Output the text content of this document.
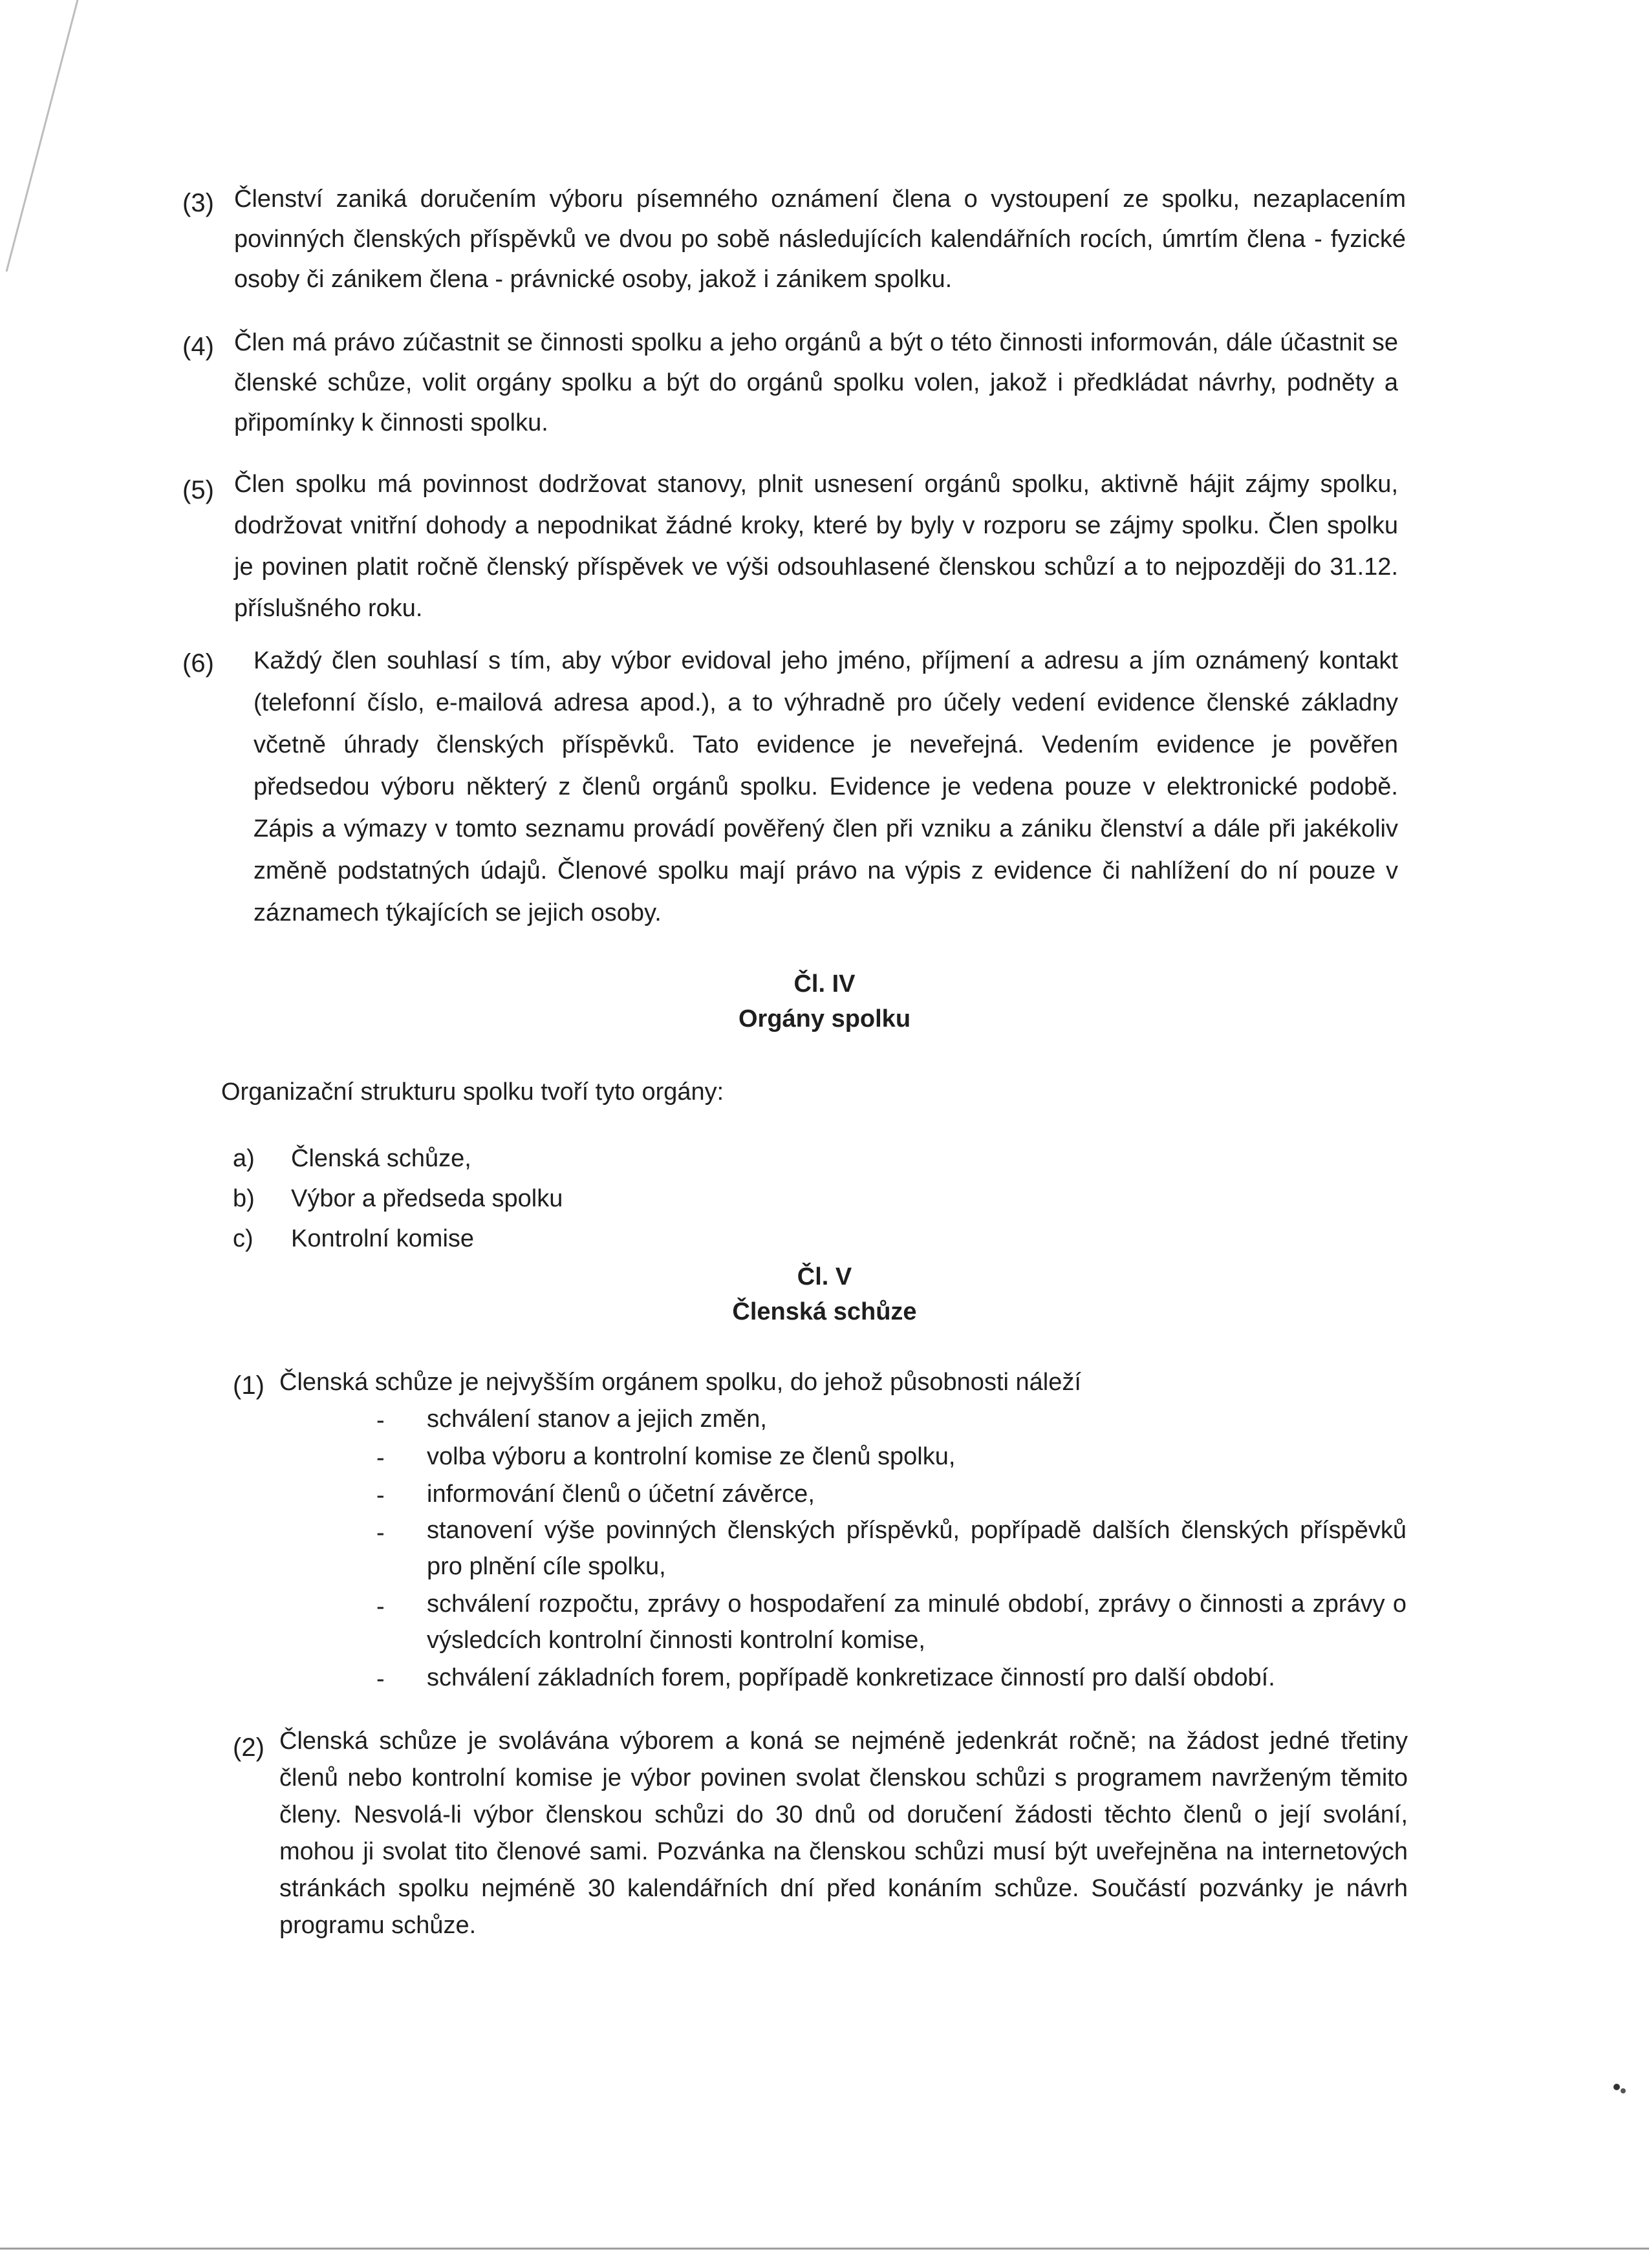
(3) Členství zaniká doručením výboru písemného oznámení člena o vystoupení ze spolku, nezaplacením povinných členských příspěvků ve dvou po sobě následujících kalendářních rocích, úmrtím člena - fyzické osoby či zánikem člena - právnické osoby, jakož i zánikem spolku.
(4) Člen má právo zúčastnit se činnosti spolku a jeho orgánů a být o této činnosti informován, dále účastnit se členské schůze, volit orgány spolku a být do orgánů spolku volen, jakož i předkládat návrhy, podněty a připomínky k činnosti spolku.
(5) Člen spolku má povinnost dodržovat stanovy, plnit usnesení orgánů spolku, aktivně hájit zájmy spolku, dodržovat vnitřní dohody a nepodnikat žádné kroky, které by byly v rozporu se zájmy spolku. Člen spolku je povinen platit ročně členský příspěvek ve výši odsouhlasené členskou schůzí a to nejpozději do 31.12. příslušného roku.
(6) Každý člen souhlasí s tím, aby výbor evidoval jeho jméno, příjmení a adresu a jím oznámený kontakt (telefonní číslo, e-mailová adresa apod.), a to výhradně pro účely vedení evidence členské základny včetně úhrady členských příspěvků. Tato evidence je neveřejná. Vedením evidence je pověřen předsedou výboru některý z členů orgánů spolku. Evidence je vedena pouze v elektronické podobě. Zápis a výmazy v tomto seznamu provádí pověřený člen při vzniku a zániku členství a dále při jakékoliv změně podstatných údajů. Členové spolku mají právo na výpis z evidence či nahlížení do ní pouze v záznamech týkajících se jejich osoby.
Čl. IV
Orgány spolku
Organizační strukturu spolku tvoří tyto orgány:
a) Členská schůze,
b) Výbor a předseda spolku
c) Kontrolní komise
Čl. V
Členská schůze
(1) Členská schůze je nejvyšším orgánem spolku, do jehož působnosti náleží
- schválení stanov a jejich změn,
- volba výboru a kontrolní komise ze členů spolku,
- informování členů o účetní závěrce,
- stanovení výše povinných členských příspěvků, popřípadě dalších členských příspěvků pro plnění cíle spolku,
- schválení rozpočtu, zprávy o hospodaření za minulé období, zprávy o činnosti a zprávy o výsledcích kontrolní činnosti kontrolní komise,
- schválení základních forem, popřípadě konkretizace činností pro další období.
(2) Členská schůze je svolávána výborem a koná se nejméně jedenkrát ročně; na žádost jedné třetiny členů nebo kontrolní komise je výbor povinen svolat členskou schůzi s programem navrženým těmito členy. Nesvolá-li výbor členskou schůzi do 30 dnů od doručení žádosti těchto členů o její svolání, mohou ji svolat tito členové sami. Pozvánka na členskou schůzi musí být uveřejněna na internetových stránkách spolku nejméně 30 kalendářních dní před konáním schůze. Součástí pozvánky je návrh programu schůze.
